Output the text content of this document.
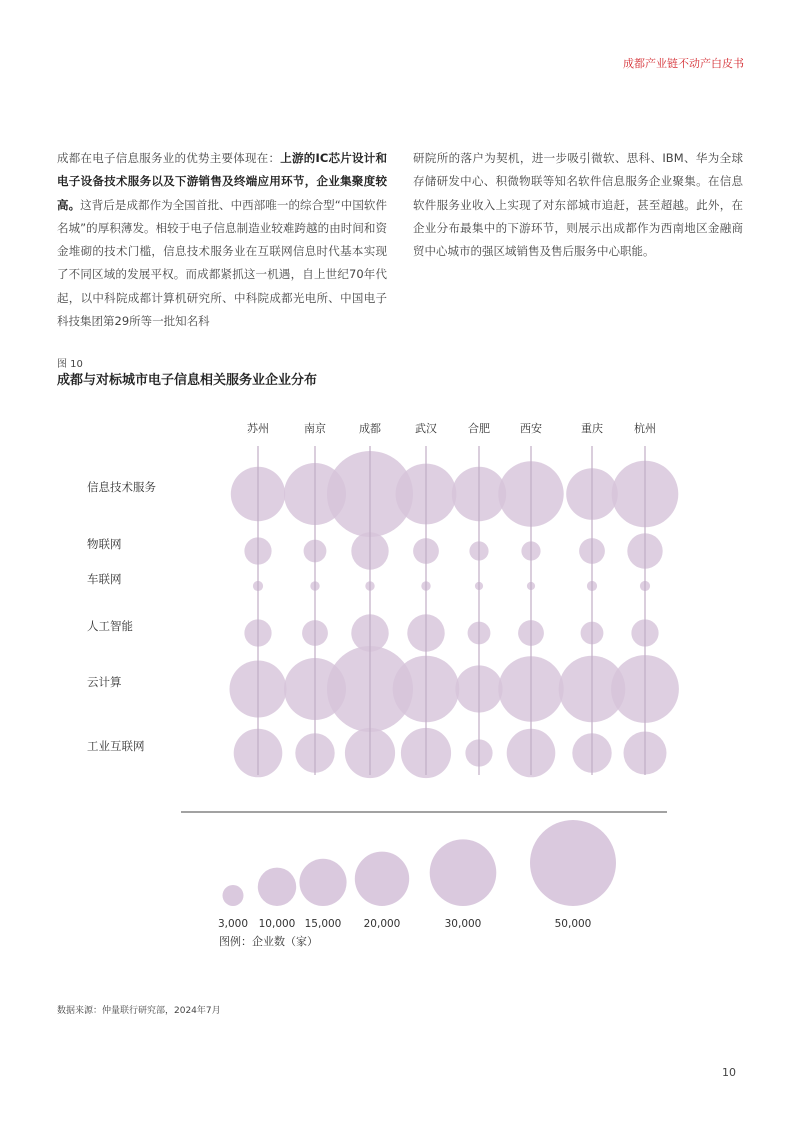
成都产业链不动产白皮书
成都在电子信息服务业的优势主要体现在：上游的IC芯片设计和电子设备技术服务以及下游销售及终端应用环节，企业集聚度较高。这背后是成都作为全国首批、中西部唯一的综合型“中国软件名城”的厚积薄发。相较于电子信息制造业较难跨越的由时间和资金堆砌的技术门槛，信息技术服务业在互联网信息时代基本实现了不同区域的发展平权。而成都紧抓这一机遇，自上世纪70年代起，以中科院成都计算机研究所、中科院成都光电所、中国电子科技集团第29所等一批知名科
研院所的落户为契机，进一步吸引微软、思科、IBM、华为全球存储研发中心、积微物联等知名软件信息服务企业聚集。在信息软件服务业收入上实现了对东部城市追赶，甚至超越。此外，在企业分布最集中的下游环节，则展示出成都作为西南地区金融商贸中心城市的强区域销售及售后服务中心职能。
图 10
成都与对标城市电子信息相关服务业企业分布
苏州	南京	成都	武汉	合肥	西安	重庆	杭州
信息技术服务
物联网
车联网
人工智能
云计算
工业互联网
3,000 10,000 15,000 20,000	30,000	50,000
图例：企业数（家）
数据来源：仲量联行研究部，2024年7月
10
